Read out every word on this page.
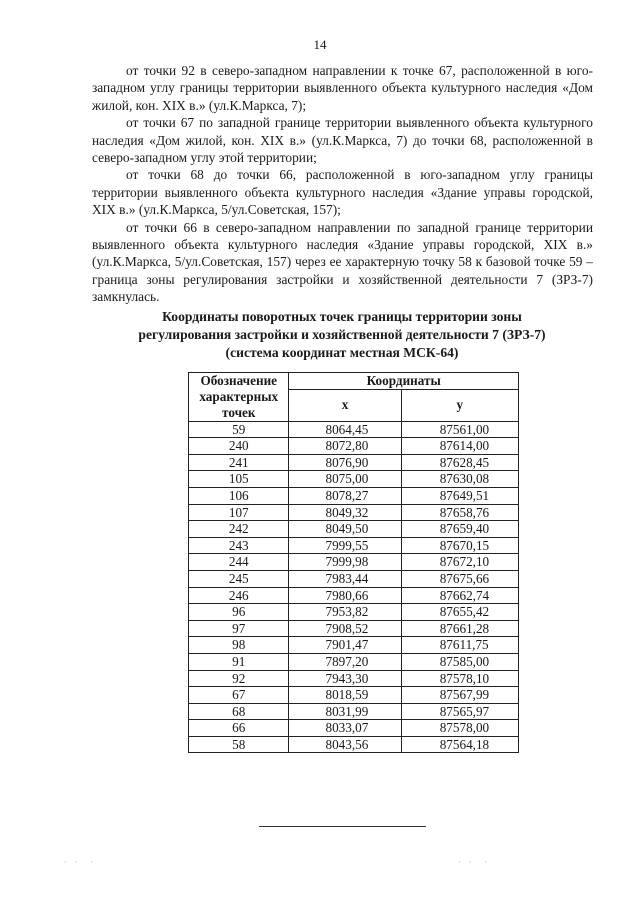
14

от точки 92 в северо-западном направлении к точке 67, расположенной в юго-западном углу границы территории выявленного объекта культурного наследия «Дом жилой, кон. XIX в.» (ул.К.Маркса, 7);

от точки 67 по западной границе территории выявленного объекта культурного наследия «Дом жилой, кон. XIX в.» (ул.К.Маркса, 7) до точки 68, расположенной в северо-западном углу этой территории;

от точки 68 до точки 66, расположенной в юго-западном углу границы территории выявленного объекта культурного наследия «Здание управы городской, XIX в.» (ул.К.Маркса, 5/ул.Советская, 157);

от точки 66 в северо-западном направлении по западной границе территории выявленного объекта культурного наследия «Здание управы городской, XIX в.» (ул.К.Маркса, 5/ул.Советская, 157) через ее характерную точку 58 к базовой точке 59 – граница зоны регулирования застройки и хозяйственной деятельности 7 (ЗРЗ-7) замкнулась.

Координаты поворотных точек границы территории зоны
регулирования застройки и хозяйственной деятельности 7 (ЗРЗ-7)
(система координат местная МСК-64)
Обозначение характерных точек	Координаты	
	x	y
59	8064,45	87561,00
240	8072,80	87614,00
241	8076,90	87628,45
105	8075,00	87630,08
106	8078,27	87649,51
107	8049,32	87658,76
242	8049,50	87659,40
243	7999,55	87670,15
244	7999,98	87672,10
245	7983,44	87675,66
246	7980,66	87662,74
96	7953,82	87655,42
97	7908,52	87661,28
98	7901,47	87611,75
91	7897,20	87585,00
92	7943,30	87578,10
67	8018,59	87567,99
68	8031,99	87565,97
66	8033,07	87578,00
58	8043,56	87564,18
· ·  ·	· ·  ·
